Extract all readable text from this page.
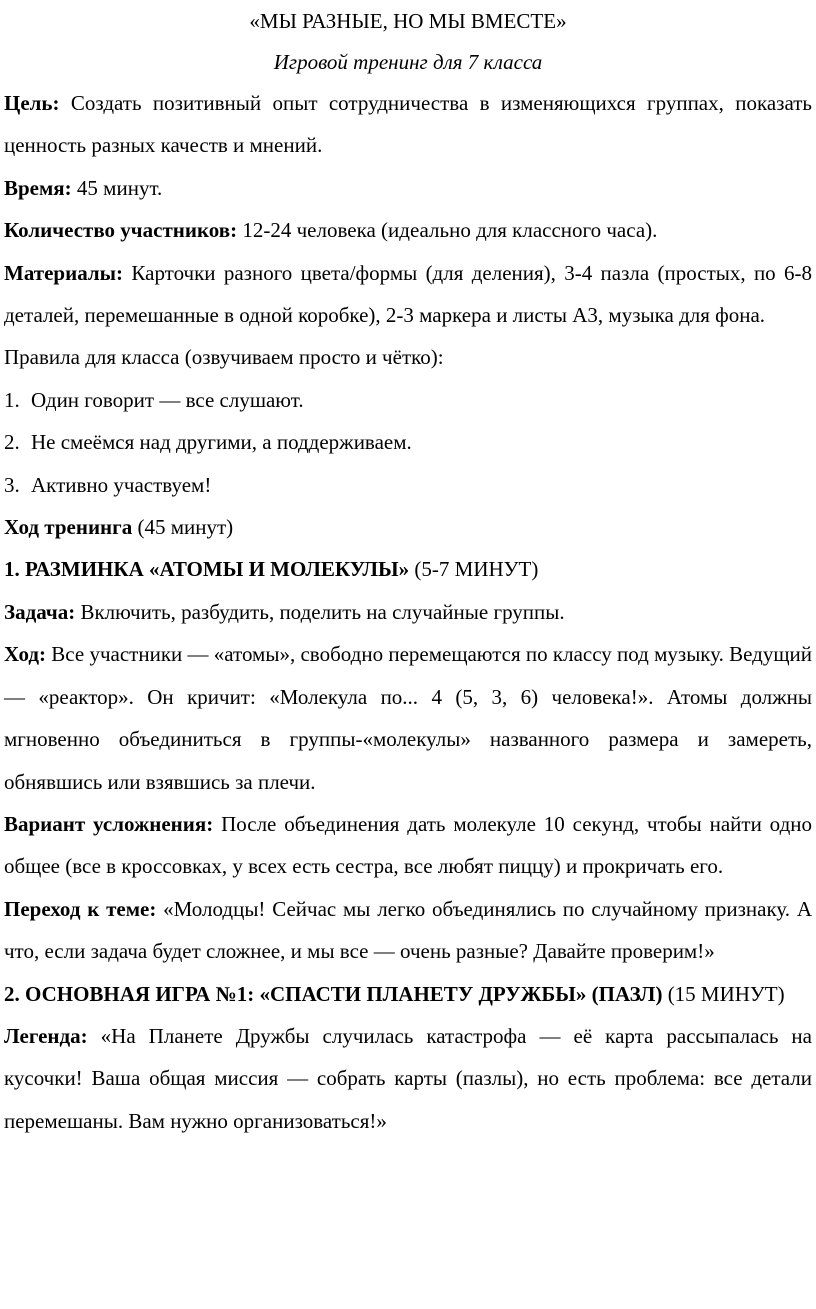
«МЫ РАЗНЫЕ, НО МЫ ВМЕСТЕ»
Игровой тренинг для 7 класса

Цель: Создать позитивный опыт сотрудничества в изменяющихся группах, показать ценность разных качеств и мнений.

Время: 45 минут.

Количество участников: 12-24 человека (идеально для классного часа).

Материалы: Карточки разного цвета/формы (для деления), 3-4 пазла (простых, по 6-8 деталей, перемешанные в одной коробке), 2-3 маркера и листы А3, музыка для фона.

Правила для класса (озвучиваем просто и чётко):

1. Один говорит — все слушают.
2. Не смеёмся над другими, а поддерживаем.
3. Активно участвуем!

Ход тренинга (45 минут)

1. РАЗМИНКА «АТОМЫ И МОЛЕКУЛЫ» (5-7 МИНУТ)

Задача: Включить, разбудить, поделить на случайные группы.

Ход: Все участники — «атомы», свободно перемещаются по классу под музыку. Ведущий — «реактор». Он кричит: «Молекула по... 4 (5, 3, 6) человека!». Атомы должны мгновенно объединиться в группы-«молекулы» названного размера и замереть, обнявшись или взявшись за плечи.

Вариант усложнения: После объединения дать молекуле 10 секунд, чтобы найти одно общее (все в кроссовках, у всех есть сестра, все любят пиццу) и прокричать его.

Переход к теме: «Молодцы! Сейчас мы легко объединялись по случайному признаку. А что, если задача будет сложнее, и мы все — очень разные? Давайте проверим!»

2. ОСНОВНАЯ ИГРА №1: «СПАСТИ ПЛАНЕТУ ДРУЖБЫ» (ПАЗЛ) (15 МИНУТ)

Легенда: «На Планете Дружбы случилась катастрофа — её карта рассыпалась на кусочки! Ваша общая миссия — собрать карты (пазлы), но есть проблема: все детали перемешаны. Вам нужно организоваться!»
